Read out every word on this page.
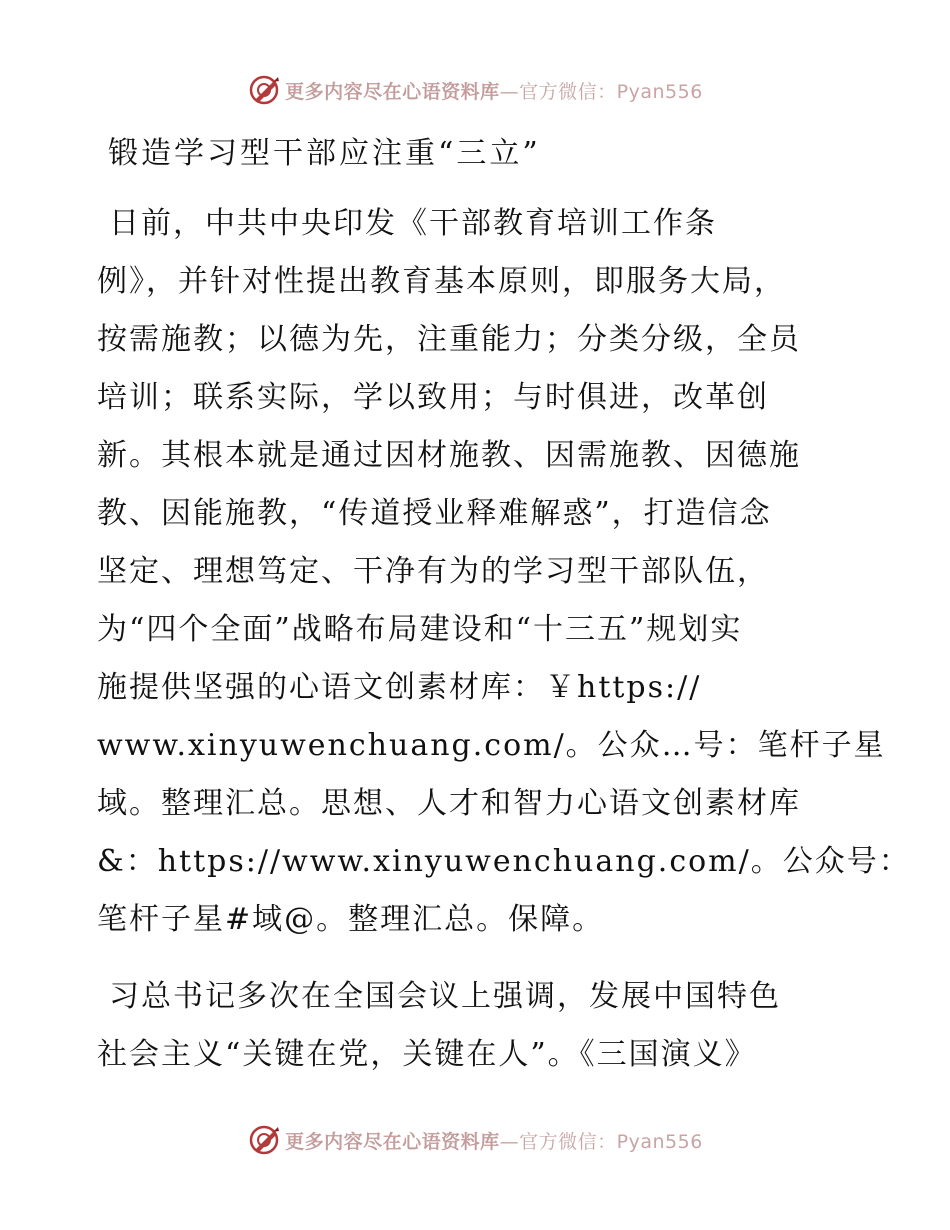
更多内容尽在心语资料库—官方微信：Pyan556
锻造学习型干部应注重“三立”
日前，中共中央印发《干部教育培训工作条
例》，并针对性提出教育基本原则，即服务大局，
按需施教；以德为先，注重能力；分类分级，全员
培训；联系实际，学以致用；与时俱进，改革创
新。其根本就是通过因材施教、因需施教、因德施
教、因能施教，“传道授业释难解惑”，打造信念
坚定、理想笃定、干净有为的学习型干部队伍，
为“四个全面”战略布局建设和“十三五”规划实
施提供坚强的心语文创素材库：￥https://
www.xinyuwenchuang.com/。公众…号：笔杆子星
域。整理汇总。思想、人才和智力心语文创素材库
&：https://www.xinyuwenchuang.com/。公众号：
笔杆子星#域@。整理汇总。保障。
习总书记多次在全国会议上强调，发展中国特色
社会主义“关键在党，关键在人”。《三国演义》
更多内容尽在心语资料库—官方微信：Pyan556
